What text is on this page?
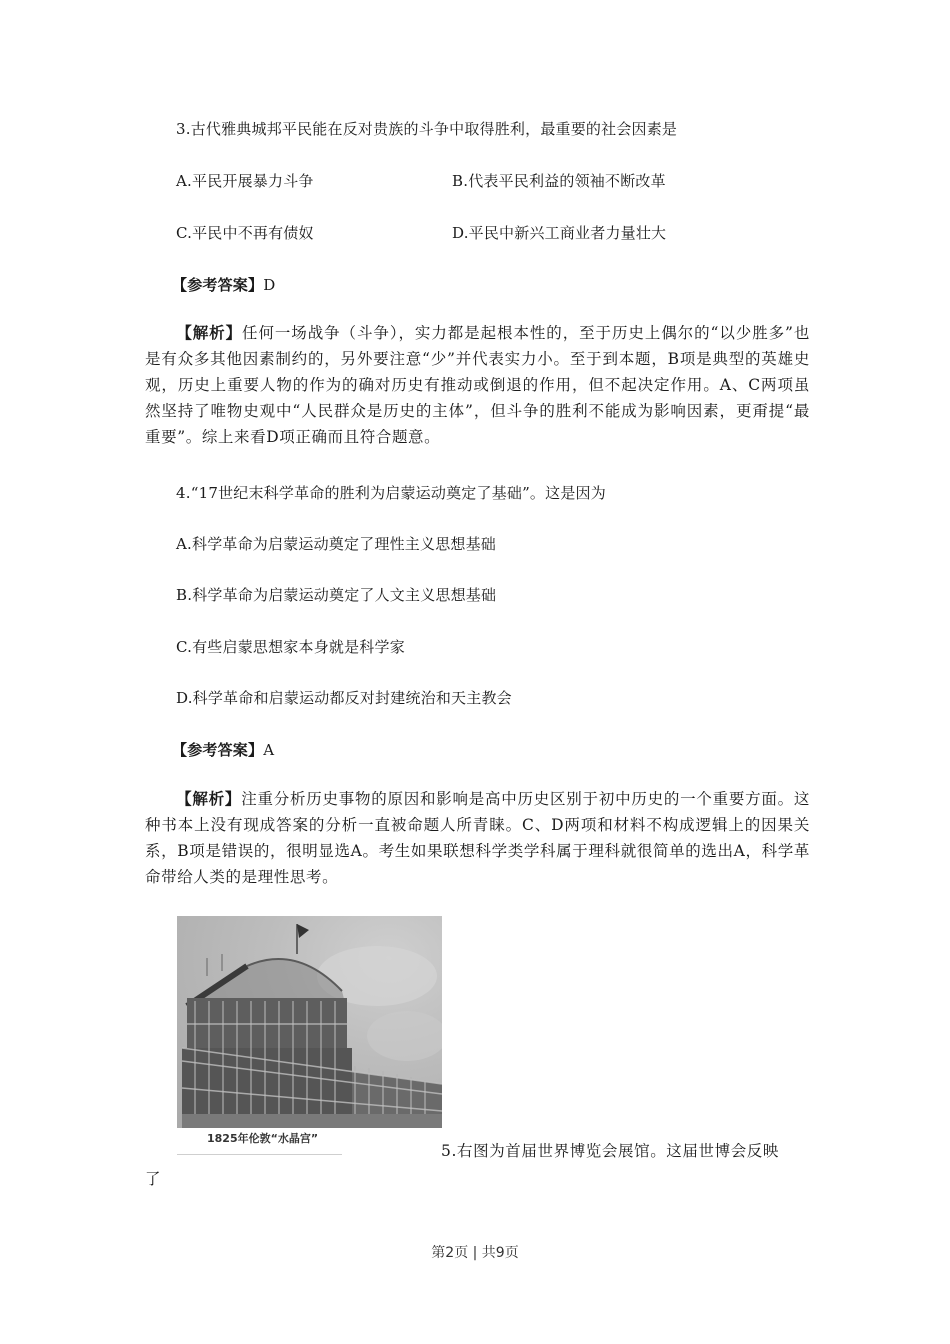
3.古代雅典城邦平民能在反对贵族的斗争中取得胜利，最重要的社会因素是
A.平民开展暴力斗争	B.代表平民利益的领袖不断改革
C.平民中不再有债奴	D.平民中新兴工商业者力量壮大
【参考答案】D
【解析】任何一场战争（斗争），实力都是起根本性的，至于历史上偶尔的“以少胜多”也是有众多其他因素制约的，另外要注意“少”并代表实力小。至于到本题，B项是典型的英雄史观，历史上重要人物的作为的确对历史有推动或倒退的作用，但不起决定作用。A、C两项虽然坚持了唯物史观中“人民群众是历史的主体”，但斗争的胜利不能成为影响因素，更甭提“最重要”。综上来看D项正确而且符合题意。
4.“17世纪末科学革命的胜利为启蒙运动奠定了基础”。这是因为
A.科学革命为启蒙运动奠定了理性主义思想基础
B.科学革命为启蒙运动奠定了人文主义思想基础
C.有些启蒙思想家本身就是科学家
D.科学革命和启蒙运动都反对封建统治和天主教会
【参考答案】A
【解析】注重分析历史事物的原因和影响是高中历史区别于初中历史的一个重要方面。这种书本上没有现成答案的分析一直被命题人所青睐。C、D两项和材料不构成逻辑上的因果关系，B项是错误的，很明显选A。考生如果联想科学类学科属于理科就很简单的选出A，科学革命带给人类的是理性思考。
1825年伦敦“水晶宫”
5.右图为首届世界博览会展馆。这届世博会反映
了
第2页 | 共9页
